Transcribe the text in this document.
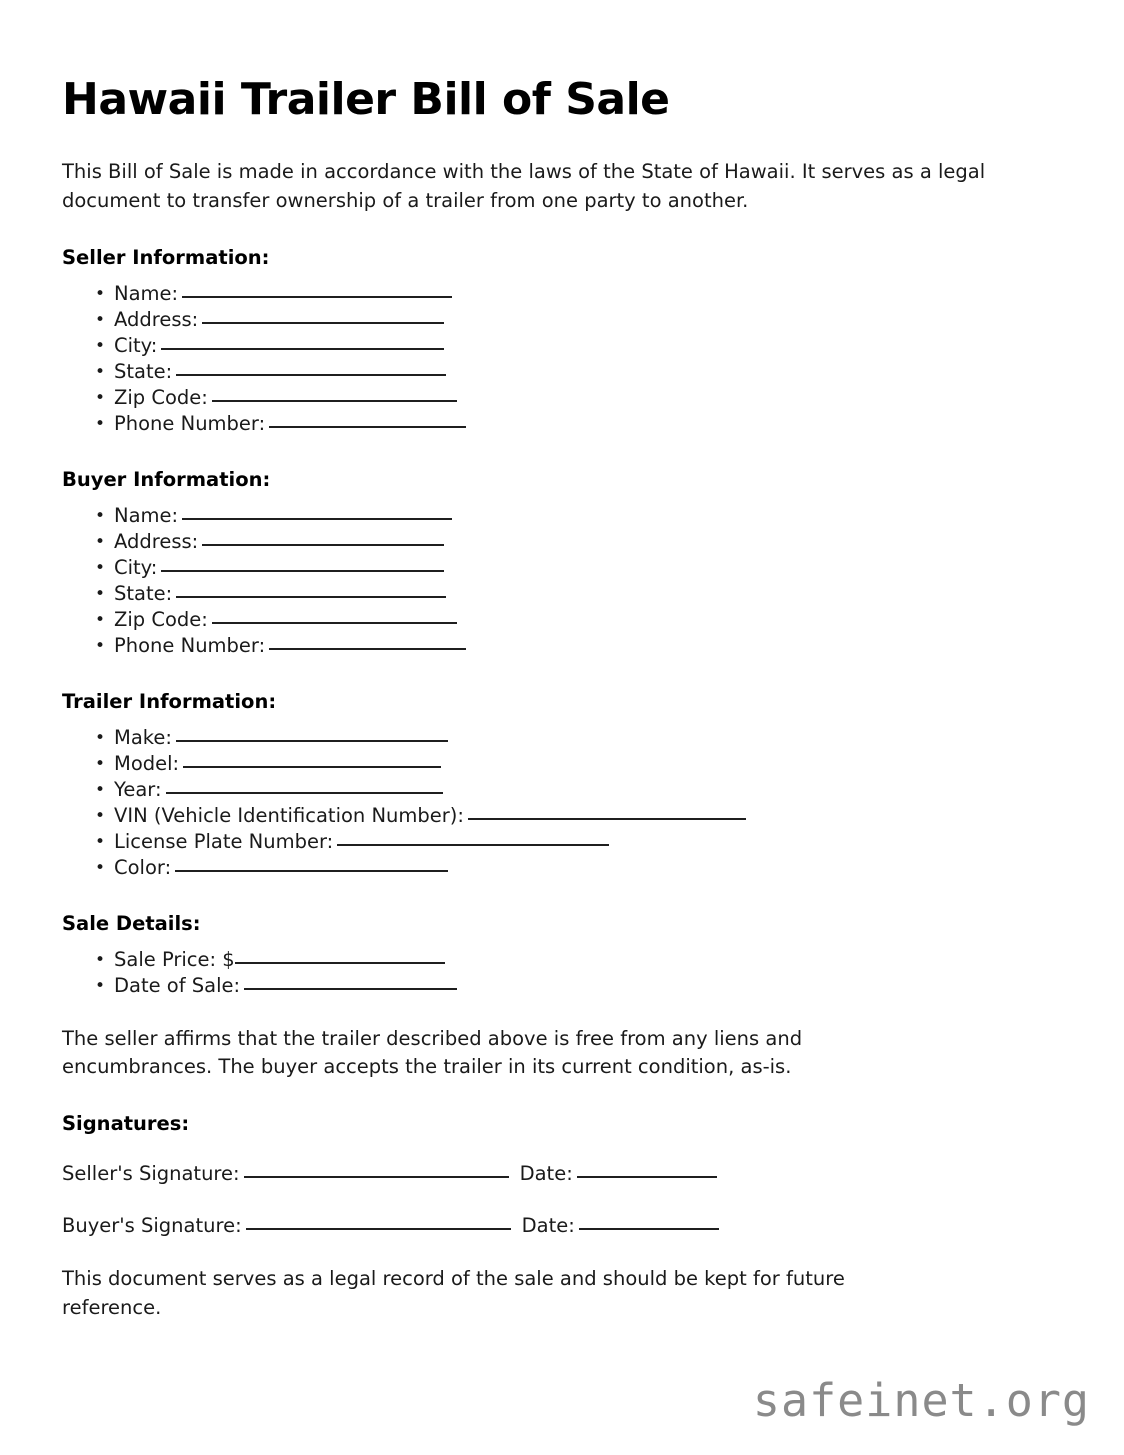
Hawaii Trailer Bill of Sale

This Bill of Sale is made in accordance with the laws of the State of Hawaii. It serves as a legal document to transfer ownership of a trailer from one party to another.

Seller Information:
• Name:
• Address:
• City:
• State:
• Zip Code:
• Phone Number:
Buyer Information:
• Name:
• Address:
• City:
• State:
• Zip Code:
• Phone Number:
Trailer Information:
• Make:
• Model:
• Year:
• VIN (Vehicle Identification Number):
• License Plate Number:
• Color:
Sale Details:
• Sale Price: $
• Date of Sale:

The seller affirms that the trailer described above is free from any liens and encumbrances. The buyer accepts the trailer in its current condition, as-is.

Signatures:
Seller's Signature:	Date:
Buyer's Signature:	Date:

This document serves as a legal record of the sale and should be kept for future reference.

safeinet.org
